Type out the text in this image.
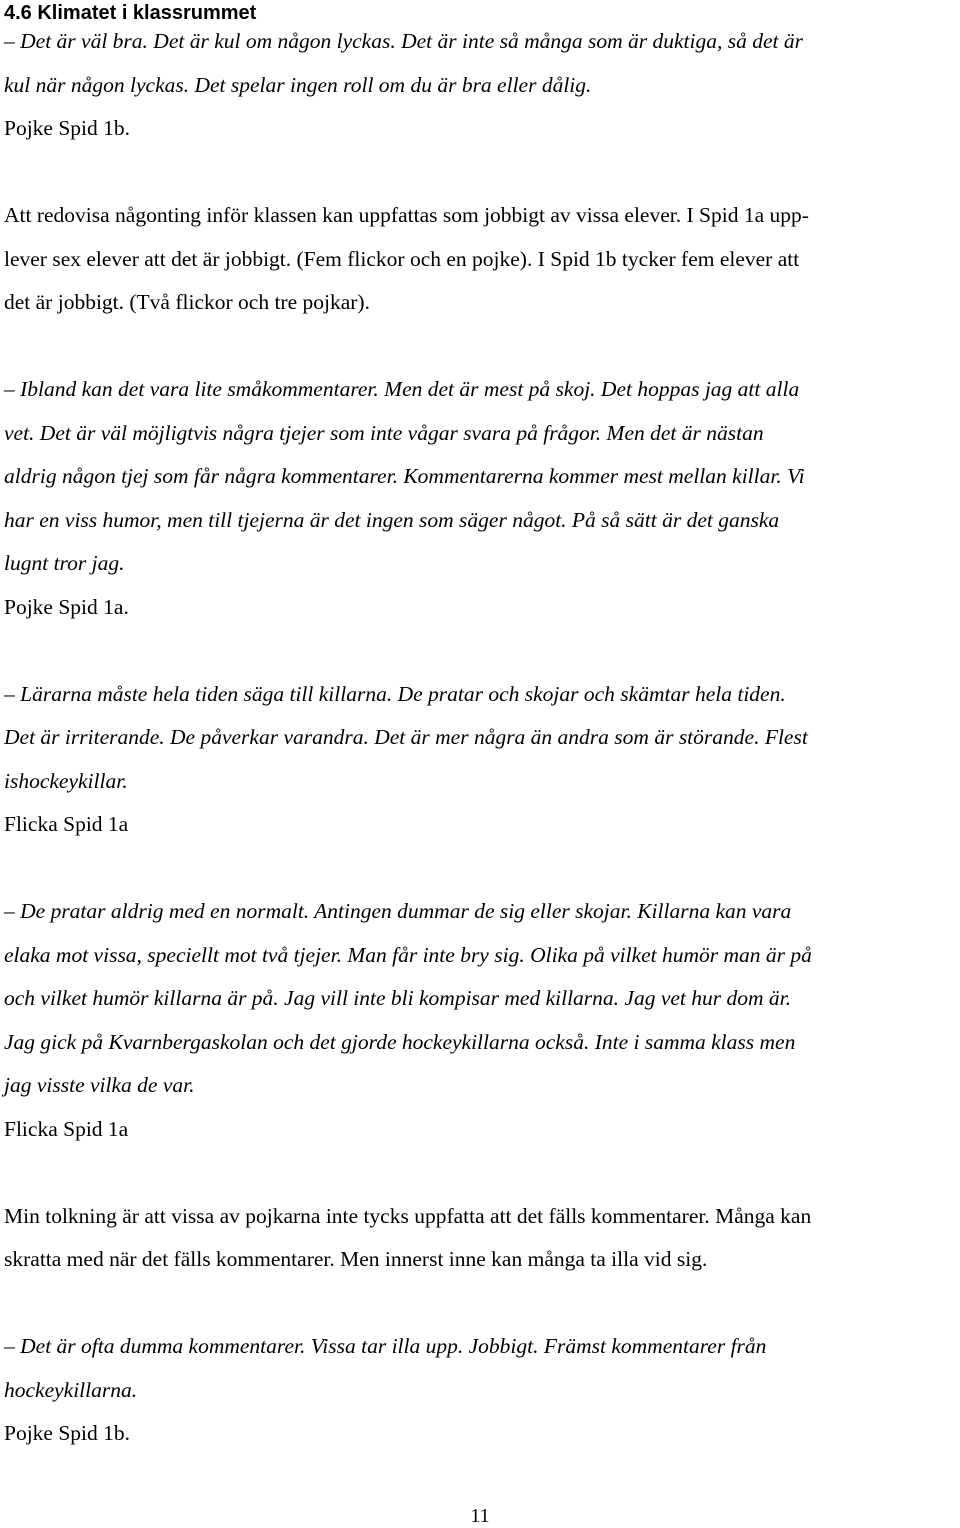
4.6 Klimatet i klassrummet

– Det är väl bra. Det är kul om någon lyckas. Det är inte så många som är duktiga, så det är
kul när någon lyckas. Det spelar ingen roll om du är bra eller dålig.

Pojke Spid 1b.

Att redovisa någonting inför klassen kan uppfattas som jobbigt av vissa elever. I Spid 1a upp-
lever sex elever att det är jobbigt. (Fem flickor och en pojke). I Spid 1b tycker fem elever att
det är jobbigt. (Två flickor och tre pojkar).

– Ibland kan det vara lite småkommentarer. Men det är mest på skoj. Det hoppas jag att alla
vet. Det är väl möjligtvis några tjejer som inte vågar svara på frågor. Men det är nästan
aldrig någon tjej som får några kommentarer. Kommentarerna kommer mest mellan killar. Vi
har en viss humor, men till tjejerna är det ingen som säger något. På så sätt är det ganska
lugnt tror jag.

Pojke Spid 1a.

– Lärarna måste hela tiden säga till killarna. De pratar och skojar och skämtar hela tiden.
Det är irriterande. De påverkar varandra. Det är mer några än andra som är störande. Flest
ishockeykillar.

Flicka Spid 1a

– De pratar aldrig med en normalt. Antingen dummar de sig eller skojar. Killarna kan vara
elaka mot vissa, speciellt mot två tjejer. Man får inte bry sig. Olika på vilket humör man är på
och vilket humör killarna är på. Jag vill inte bli kompisar med killarna. Jag vet hur dom är.
Jag gick på Kvarnbergaskolan och det gjorde hockeykillarna också. Inte i samma klass men
jag visste vilka de var.

Flicka Spid 1a

Min tolkning är att vissa av pojkarna inte tycks uppfatta att det fälls kommentarer. Många kan
skratta med när det fälls kommentarer. Men innerst inne kan många ta illa vid sig.

– Det är ofta dumma kommentarer. Vissa tar illa upp. Jobbigt. Främst kommentarer från
hockeykillarna.

Pojke Spid 1b.

11
